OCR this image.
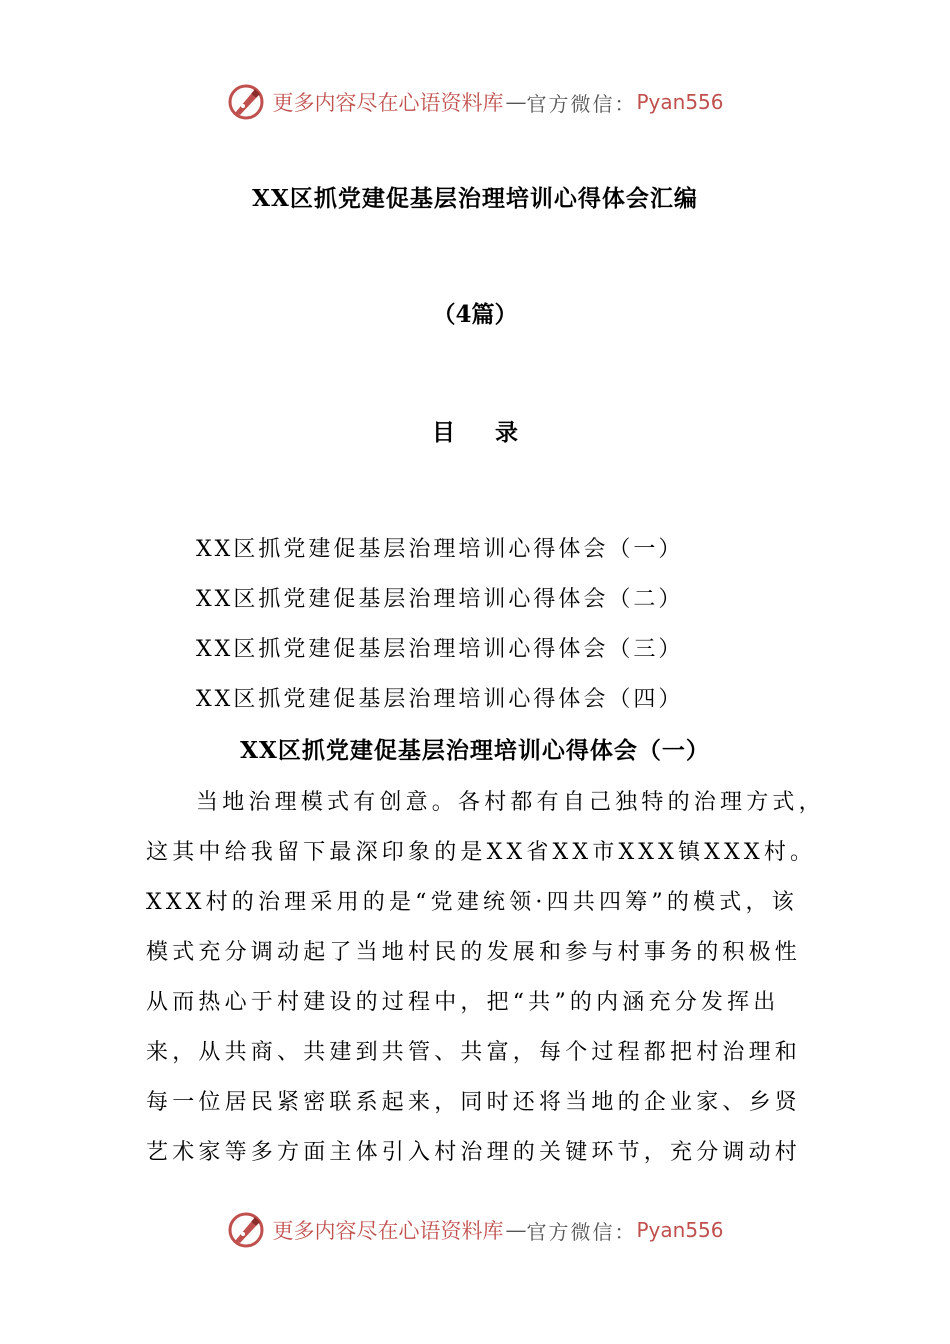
更多内容尽在心语资料库 — 官方微信： Pyan556
XX区抓党建促基层治理培训心得体会汇编
（4篇）
目 录
XX区抓党建促基层治理培训心得体会（一）
XX区抓党建促基层治理培训心得体会（二）
XX区抓党建促基层治理培训心得体会（三）
XX区抓党建促基层治理培训心得体会（四）
XX区抓党建促基层治理培训心得体会（一）
当地治理模式有创意。各村都有自己独特的治理方式，
这其中给我留下最深印象的是XX省XX市XXX镇XXX村。
XXX村的治理采用的是“党建统领·四共四筹”的模式，该
模式充分调动起了当地村民的发展和参与村事务的积极性
从而热心于村建设的过程中，把“共”的内涵充分发挥出
来，从共商、共建到共管、共富，每个过程都把村治理和
每一位居民紧密联系起来，同时还将当地的企业家、乡贤
艺术家等多方面主体引入村治理的关键环节，充分调动村
更多内容尽在心语资料库 — 官方微信： Pyan556
